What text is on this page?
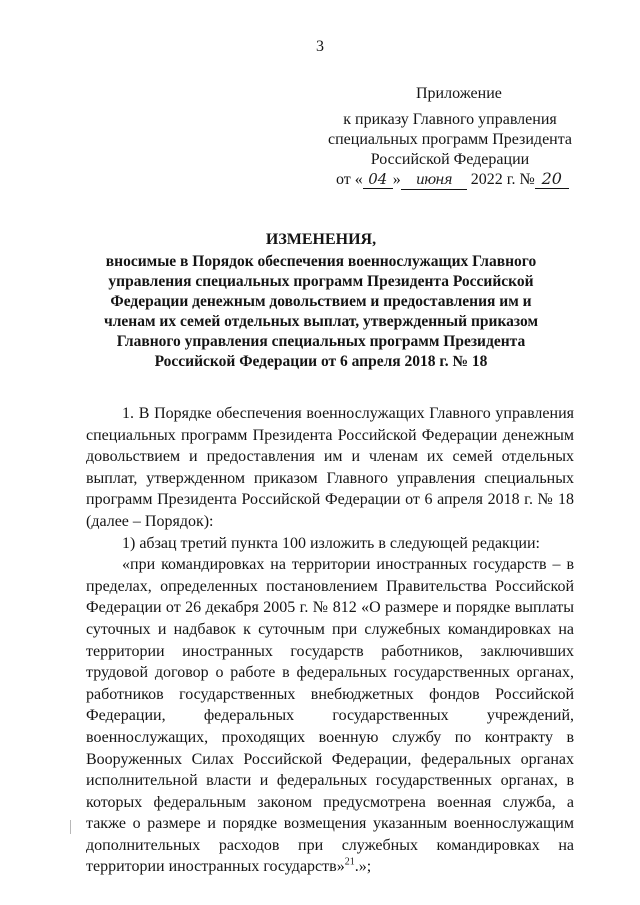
3
Приложение
к приказу Главного управления
специальных программ Президента
Российской Федерации
от « 04 » июня 2022 г. № 20
ИЗМЕНЕНИЯ,
вносимые в Порядок обеспечения военнослужащих Главного управления специальных программ Президента Российской Федерации денежным довольствием и предоставления им и членам их семей отдельных выплат, утвержденный приказом Главного управления специальных программ Президента Российской Федерации от 6 апреля 2018 г. № 18

1. В Порядке обеспечения военнослужащих Главного управления специальных программ Президента Российской Федерации денежным довольствием и предоставления им и членам их семей отдельных выплат, утвержденном приказом Главного управления специальных программ Президента Российской Федерации от 6 апреля 2018 г. № 18 (далее – Порядок):

1) абзац третий пункта 100 изложить в следующей редакции:

«при командировках на территории иностранных государств – в пределах, определенных постановлением Правительства Российской Федерации от 26 декабря 2005 г. № 812 «О размере и порядке выплаты суточных и надбавок к суточным при служебных командировках на территории иностранных государств работников, заключивших трудовой договор о работе в федеральных государственных органах, работников государственных внебюджетных фондов Российской Федерации, федеральных государственных учреждений, военнослужащих, проходящих военную службу по контракту в Вооруженных Силах Российской Федерации, федеральных органах исполнительной власти и федеральных государственных органах, в которых федеральным законом предусмотрена военная служба, а также о размере и порядке возмещения указанным военнослужащим дополнительных расходов при служебных командировках на территории иностранных государств»$^{21}$.»;
